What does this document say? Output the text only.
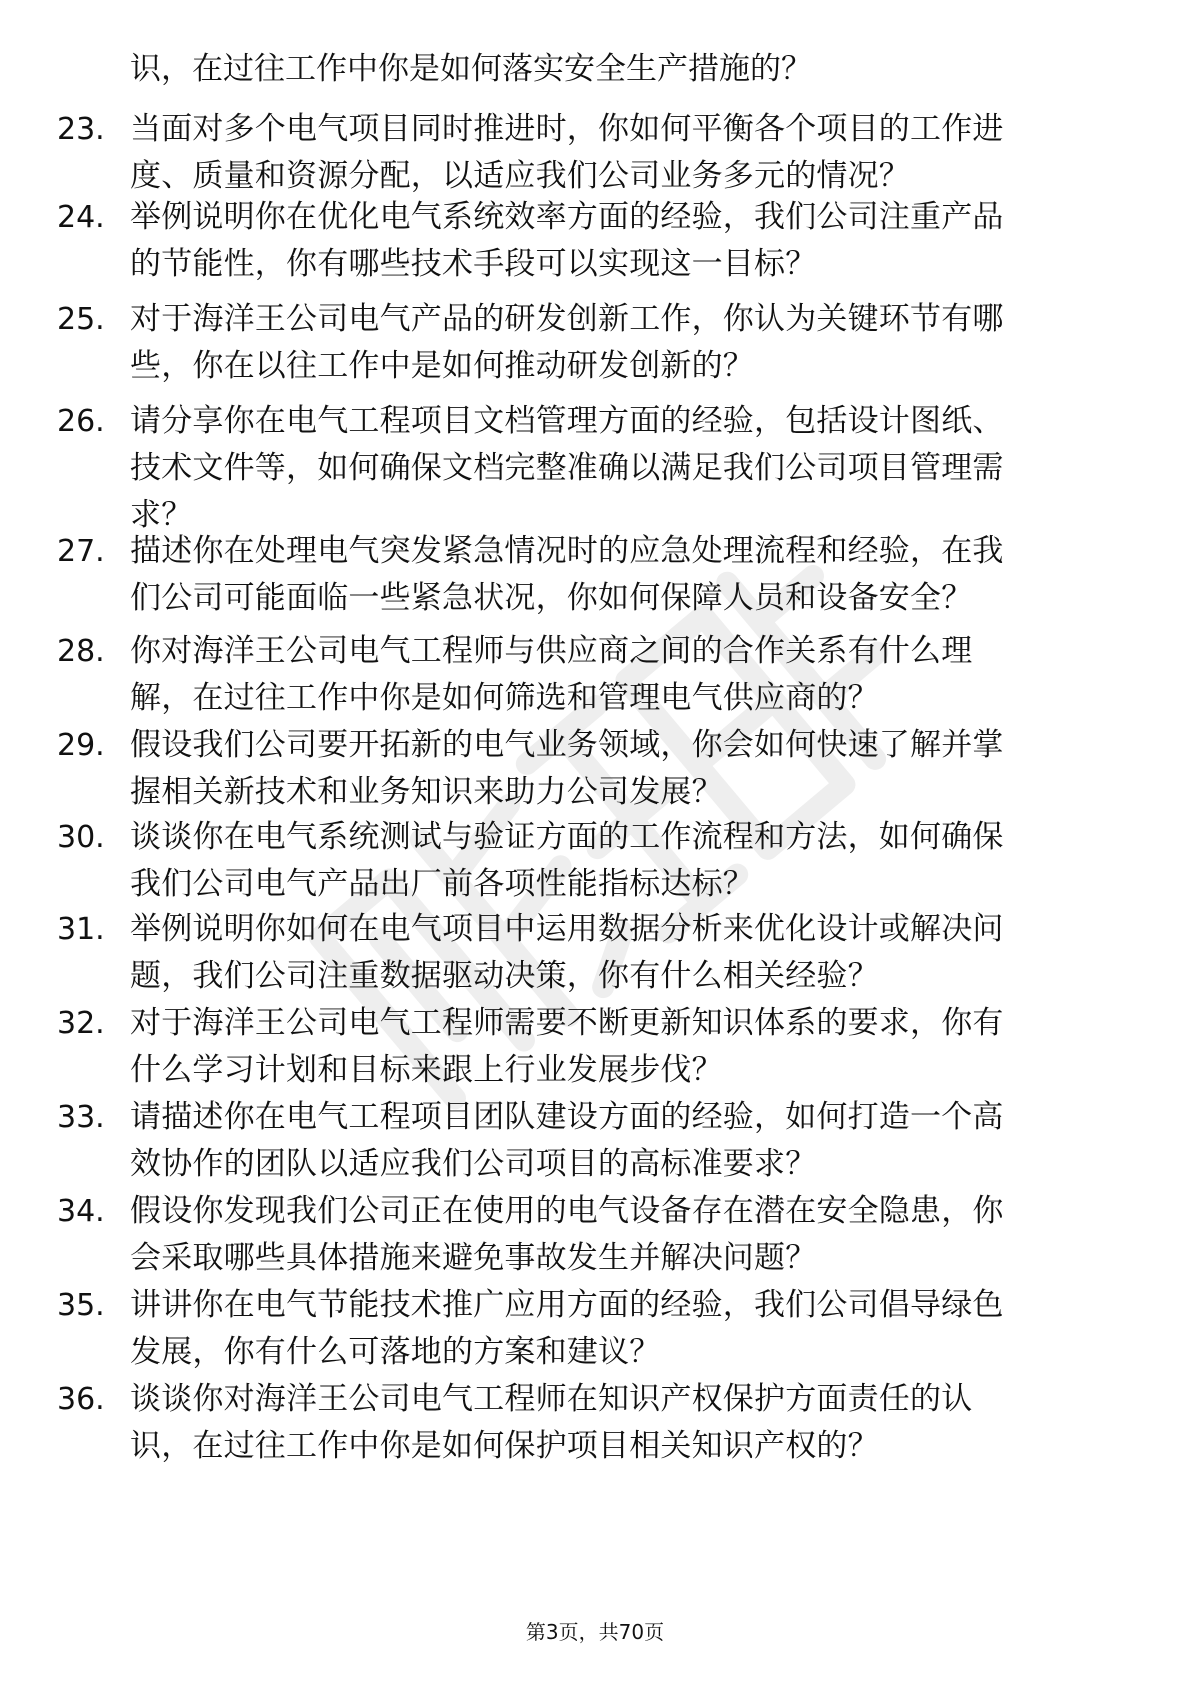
识，在过往工作中你是如何落实安全生产措施的？
23. 当面对多个电气项目同时推进时，你如何平衡各个项目的工作进
度、质量和资源分配，以适应我们公司业务多元的情况？
24. 举例说明你在优化电气系统效率方面的经验，我们公司注重产品
的节能性，你有哪些技术手段可以实现这一目标？
25. 对于海洋王公司电气产品的研发创新工作，你认为关键环节有哪
些，你在以往工作中是如何推动研发创新的？
26. 请分享你在电气工程项目文档管理方面的经验，包括设计图纸、
技术文件等，如何确保文档完整准确以满足我们公司项目管理需
求？
27. 描述你在处理电气突发紧急情况时的应急处理流程和经验，在我
们公司可能面临一些紧急状况，你如何保障人员和设备安全？
28. 你对海洋王公司电气工程师与供应商之间的合作关系有什么理
解，在过往工作中你是如何筛选和管理电气供应商的？
29. 假设我们公司要开拓新的电气业务领域，你会如何快速了解并掌
握相关新技术和业务知识来助力公司发展？
30. 谈谈你在电气系统测试与验证方面的工作流程和方法，如何确保
我们公司电气产品出厂前各项性能指标达标？
31. 举例说明你如何在电气项目中运用数据分析来优化设计或解决问
题，我们公司注重数据驱动决策，你有什么相关经验？
32. 对于海洋王公司电气工程师需要不断更新知识体系的要求，你有
什么学习计划和目标来跟上行业发展步伐？
33. 请描述你在电气工程项目团队建设方面的经验，如何打造一个高
效协作的团队以适应我们公司项目的高标准要求？
34. 假设你发现我们公司正在使用的电气设备存在潜在安全隐患，你
会采取哪些具体措施来避免事故发生并解决问题？
35. 讲讲你在电气节能技术推广应用方面的经验，我们公司倡导绿色
发展，你有什么可落地的方案和建议？
36. 谈谈你对海洋王公司电气工程师在知识产权保护方面责任的认
识，在过往工作中你是如何保护项目相关知识产权的？
第3页，共70页
